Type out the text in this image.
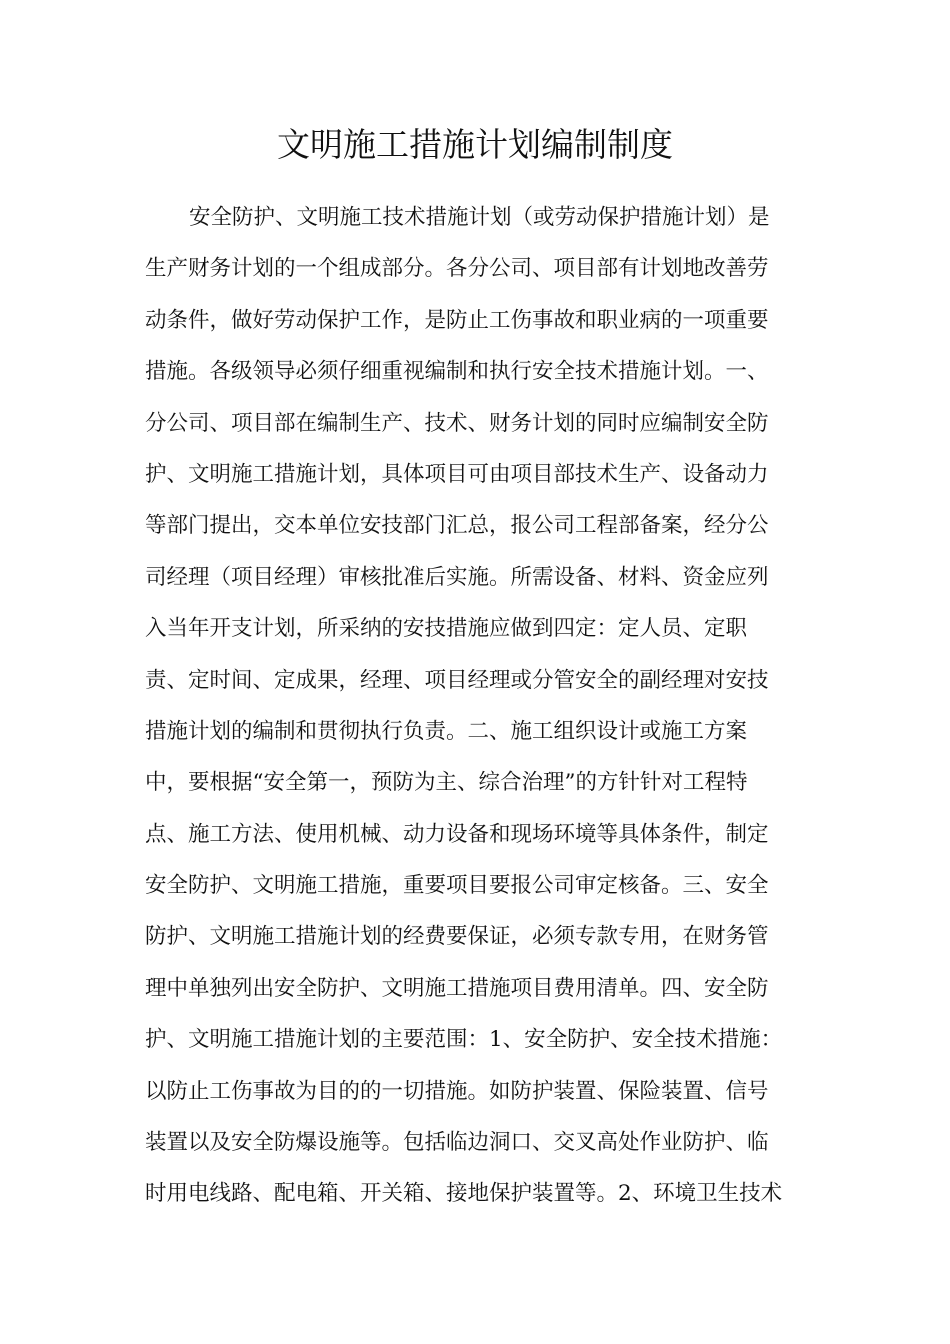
文明施工措施计划编制制度

安全防护、文明施工技术措施计划（或劳动保护措施计划）是

生产财务计划的一个组成部分。各分公司、项目部有计划地改善劳

动条件，做好劳动保护工作，是防止工伤事故和职业病的一项重要

措施。各级领导必须仔细重视编制和执行安全技术措施计划。一、

分公司、项目部在编制生产、技术、财务计划的同时应编制安全防

护、文明施工措施计划，具体项目可由项目部技术生产、设备动力

等部门提出，交本单位安技部门汇总，报公司工程部备案，经分公

司经理（项目经理）审核批准后实施。所需设备、材料、资金应列

入当年开支计划，所采纳的安技措施应做到四定：定人员、定职

责、定时间、定成果，经理、项目经理或分管安全的副经理对安技

措施计划的编制和贯彻执行负责。二、施工组织设计或施工方案

中，要根据“安全第一，预防为主、综合治理”的方针针对工程特

点、施工方法、使用机械、动力设备和现场环境等具体条件，制定

安全防护、文明施工措施，重要项目要报公司审定核备。三、安全

防护、文明施工措施计划的经费要保证，必须专款专用，在财务管

理中单独列出安全防护、文明施工措施项目费用清单。四、安全防

护、文明施工措施计划的主要范围：1、安全防护、安全技术措施：

以防止工伤事故为目的的一切措施。如防护装置、保险装置、信号

装置以及安全防爆设施等。包括临边洞口、交叉高处作业防护、临

时用电线路、配电箱、开关箱、接地保护装置等。2、环境卫生技术
